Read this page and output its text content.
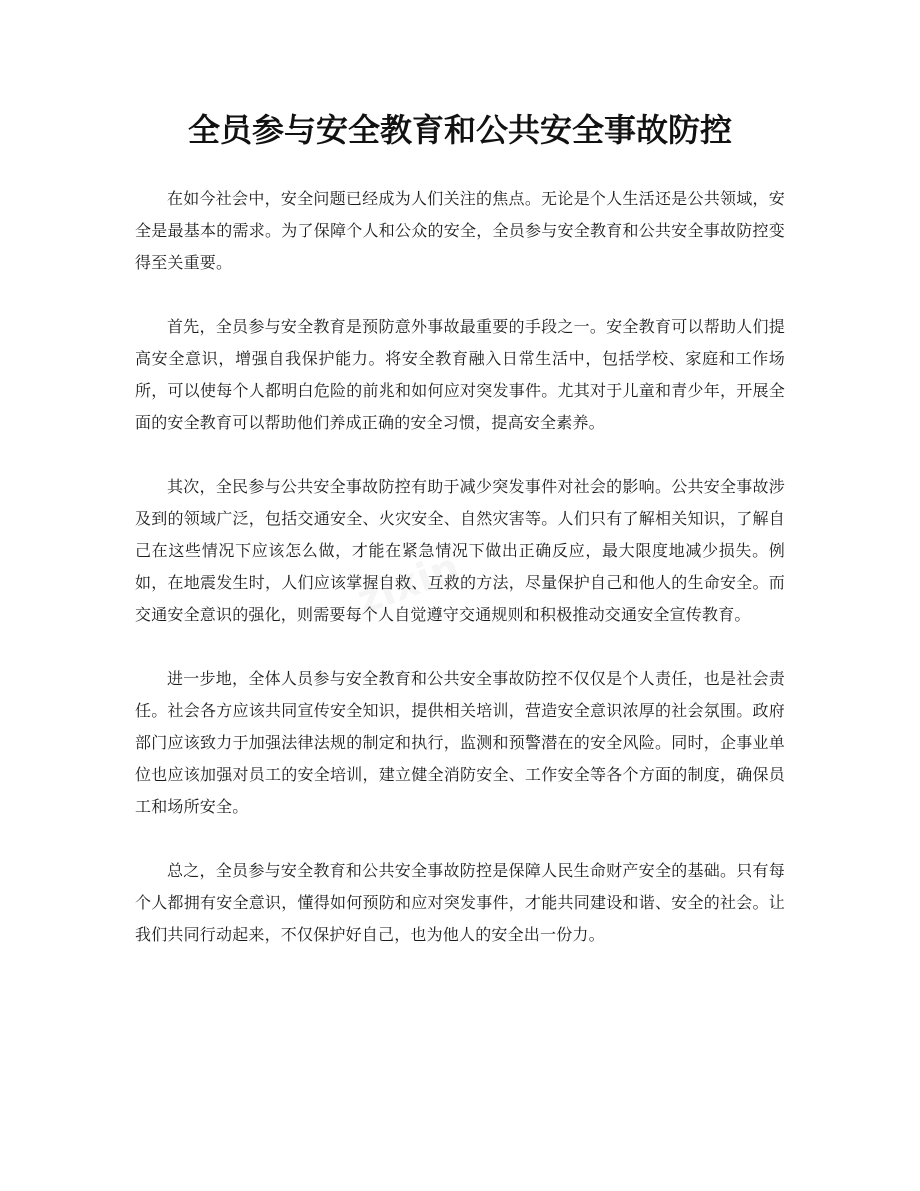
全员参与安全教育和公共安全事故防控

在如今社会中，安全问题已经成为人们关注的焦点。无论是个人生活还是公共领域，安全是最基本的需求。为了保障个人和公众的安全，全员参与安全教育和公共安全事故防控变得至关重要。

首先，全员参与安全教育是预防意外事故最重要的手段之一。安全教育可以帮助人们提高安全意识，增强自我保护能力。将安全教育融入日常生活中，包括学校、家庭和工作场所，可以使每个人都明白危险的前兆和如何应对突发事件。尤其对于儿童和青少年，开展全面的安全教育可以帮助他们养成正确的安全习惯，提高安全素养。

其次，全民参与公共安全事故防控有助于减少突发事件对社会的影响。公共安全事故涉及到的领域广泛，包括交通安全、火灾安全、自然灾害等。人们只有了解相关知识，了解自己在这些情况下应该怎么做，才能在紧急情况下做出正确反应，最大限度地减少损失。例如，在地震发生时，人们应该掌握自救、互救的方法，尽量保护自己和他人的生命安全。而交通安全意识的强化，则需要每个人自觉遵守交通规则和积极推动交通安全宣传教育。

进一步地，全体人员参与安全教育和公共安全事故防控不仅仅是个人责任，也是社会责任。社会各方应该共同宣传安全知识，提供相关培训，营造安全意识浓厚的社会氛围。政府部门应该致力于加强法律法规的制定和执行，监测和预警潜在的安全风险。同时，企事业单位也应该加强对员工的安全培训，建立健全消防安全、工作安全等各个方面的制度，确保员工和场所安全。

总之，全员参与安全教育和公共安全事故防控是保障人民生命财产安全的基础。只有每个人都拥有安全意识，懂得如何预防和应对突发事件，才能共同建设和谐、安全的社会。让我们共同行动起来，不仅保护好自己，也为他人的安全出一份力。
